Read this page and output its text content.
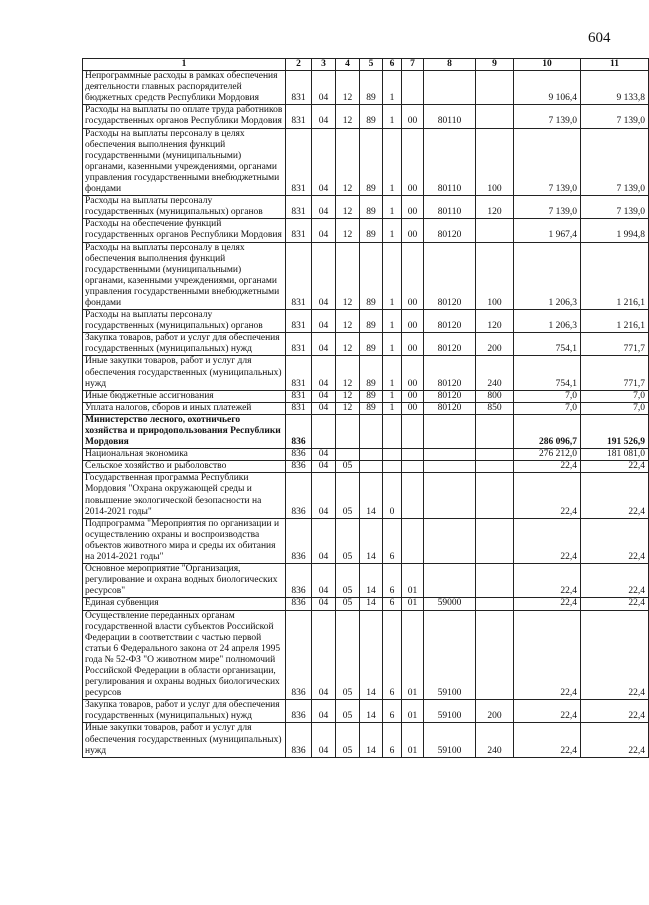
604
1	2	3	4	5	6	7	8	9	10	11
Непрограммные расходы в рамках обеспечения деятельности главных распорядителей бюджетных средств Республики Мордовия	831	04	12	89	1				9 106,4	9 133,8
Расходы на выплаты по оплате труда работников государственных органов Республики Мордовия	831	04	12	89	1	00	80110		7 139,0	7 139,0
Расходы на выплаты персоналу в целях обеспечения выполнения функций государственными (муниципальными) органами, казенными учреждениями, органами управления государственными внебюджетными фондами	831	04	12	89	1	00	80110	100	7 139,0	7 139,0
Расходы на выплаты персоналу государственных (муниципальных) органов	831	04	12	89	1	00	80110	120	7 139,0	7 139,0
Расходы на обеспечение функций государственных органов Республики Мордовия	831	04	12	89	1	00	80120		1 967,4	1 994,8
Расходы на выплаты персоналу в целях обеспечения выполнения функций государственными (муниципальными) органами, казенными учреждениями, органами управления государственными внебюджетными фондами	831	04	12	89	1	00	80120	100	1 206,3	1 216,1
Расходы на выплаты персоналу государственных (муниципальных) органов	831	04	12	89	1	00	80120	120	1 206,3	1 216,1
Закупка товаров, работ и услуг для обеспечения государственных (муниципальных) нужд	831	04	12	89	1	00	80120	200	754,1	771,7
Иные закупки товаров, работ и услуг для обеспечения государственных (муниципальных) нужд	831	04	12	89	1	00	80120	240	754,1	771,7
Иные бюджетные ассигнования	831	04	12	89	1	00	80120	800	7,0	7,0
Уплата налогов, сборов и иных платежей	831	04	12	89	1	00	80120	850	7,0	7,0
Министерство лесного, охотничьего хозяйства и природопользования Республики Мордовия	836								286 096,7	191 526,9
Национальная экономика	836	04							276 212,0	181 081,0
Сельское хозяйство и рыболовство	836	04	05						22,4	22,4
Государственная программа Республики Мордовия "Охрана окружающей среды и повышение экологической безопасности на 2014-2021 годы"	836	04	05	14	0				22,4	22,4
Подпрограмма "Мероприятия по организации и осуществлению охраны и воспроизводства объектов животного мира и среды их обитания на 2014-2021 годы"	836	04	05	14	6				22,4	22,4
Основное мероприятие "Организация, регулирование и охрана водных биологических ресурсов"	836	04	05	14	6	01			22,4	22,4
Единая субвенция	836	04	05	14	6	01	59000		22,4	22,4
Осуществление переданных органам государственной власти субъектов Российской Федерации в соответствии с частью первой статьи 6 Федерального закона от 24 апреля 1995 года № 52-ФЗ "О животном мире" полномочий Российской Федерации в области организации, регулирования и охраны водных биологических ресурсов	836	04	05	14	6	01	59100		22,4	22,4
Закупка товаров, работ и услуг для обеспечения государственных (муниципальных) нужд	836	04	05	14	6	01	59100	200	22,4	22,4
Иные закупки товаров, работ и услуг для обеспечения государственных (муниципальных) нужд	836	04	05	14	6	01	59100	240	22,4	22,4
